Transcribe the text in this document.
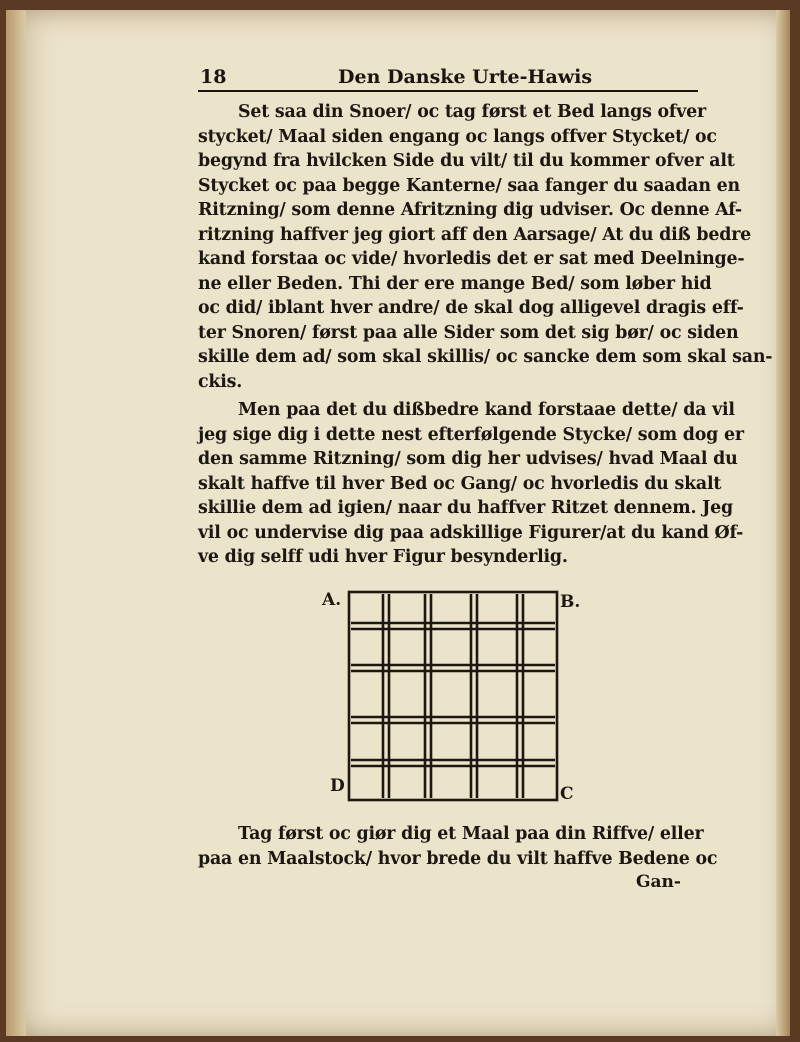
18	Den Danske Urte-Hawis
Set saa din Snoer/ oc tag først et Bed langs ofver
stycket/ Maal siden engang oc langs offver Stycket/ oc
begynd fra hvilcken Side du vilt/ til du kommer ofver alt
Stycket oc paa begge Kanterne/ saa fanger du saadan en
Ritzning/ som denne Afritzning dig udviser. Oc denne Af-
ritzning haffver jeg giort aff den Aarsage/ At du diß bedre
kand forstaa oc vide/ hvorledis det er sat med Deelninge-
ne eller Beden. Thi der ere mange Bed/ som løber hid
oc did/ iblant hver andre/ de skal dog alligevel dragis eff-
ter Snoren/ først paa alle Sider som det sig bør/ oc siden
skille dem ad/ som skal skillis/ oc sancke dem som skal san-
ckis.
Men paa det du dißbedre kand forstaae dette/ da vil
jeg sige dig i dette nest efterfølgende Stycke/ som dog er
den samme Ritzning/ som dig her udvises/ hvad Maal du
skalt haffve til hver Bed oc Gang/ oc hvorledis du skalt
skillie dem ad igien/ naar du haffver Ritzet dennem. Jeg
vil oc undervise dig paa adskillige Figurer/at du kand Øf-
ve dig selff udi hver Figur besynderlig.
A.	B.
D	C
Tag først oc giør dig et Maal paa din Riffve/ eller
paa en Maalstock/ hvor brede du vilt haffve Bedene oc
Gan-
